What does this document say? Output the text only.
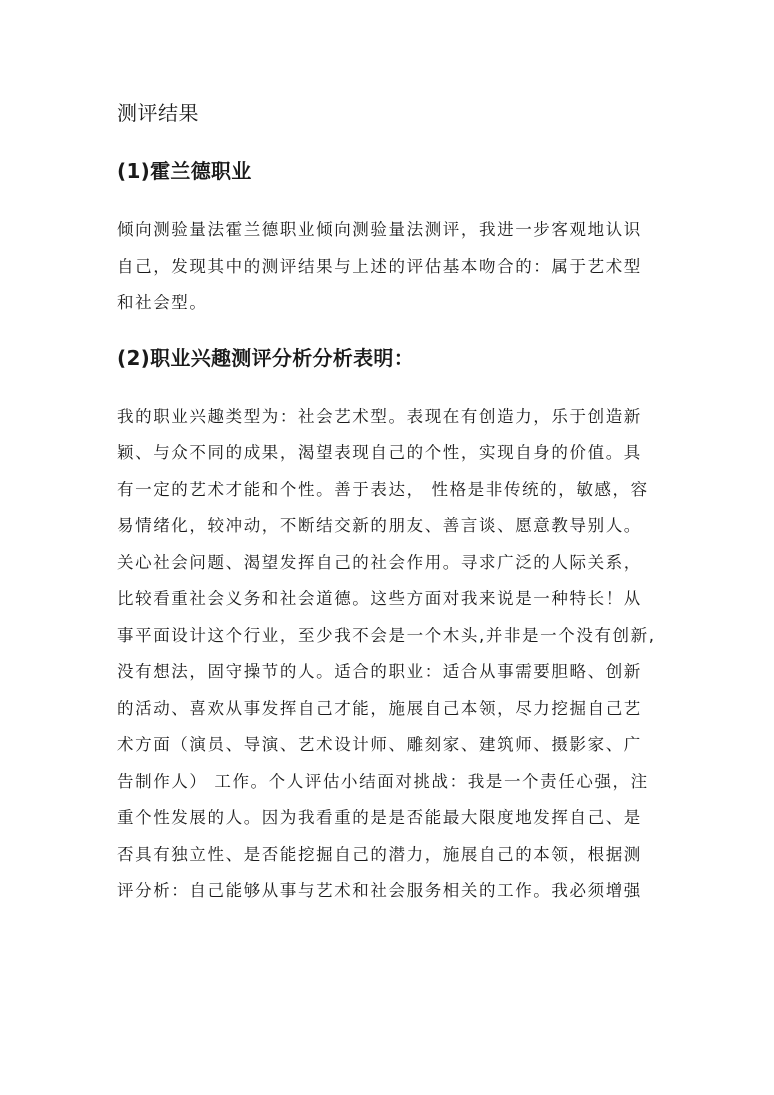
测评结果
(1)霍兰德职业
倾向测验量法霍兰德职业倾向测验量法测评，我进一步客观地认识
自己，发现其中的测评结果与上述的评估基本吻合的：属于艺术型
和社会型。
(2)职业兴趣测评分析分析表明：
我的职业兴趣类型为：社会艺术型。表现在有创造力，乐于创造新
颖、与众不同的成果，渴望表现自己的个性，实现自身的价值。具
有一定的艺术才能和个性。善于表达， 性格是非传统的，敏感，容
易情绪化，较冲动，不断结交新的朋友、善言谈、愿意教导别人。
关心社会问题、渴望发挥自己的社会作用。寻求广泛的人际关系，
比较看重社会义务和社会道德。这些方面对我来说是一种特长！从
事平面设计这个行业，至少我不会是一个木头,并非是一个没有创新,
没有想法，固守操节的人。适合的职业：适合从事需要胆略、创新
的活动、喜欢从事发挥自己才能，施展自己本领，尽力挖掘自己艺
术方面（演员、导演、艺术设计师、雕刻家、建筑师、摄影家、广
告制作人） 工作。个人评估小结面对挑战：我是一个责任心强，注
重个性发展的人。因为我看重的是是否能最大限度地发挥自己、是
否具有独立性、是否能挖掘自己的潜力，施展自己的本领，根据测
评分析：自己能够从事与艺术和社会服务相关的工作。我必须增强
